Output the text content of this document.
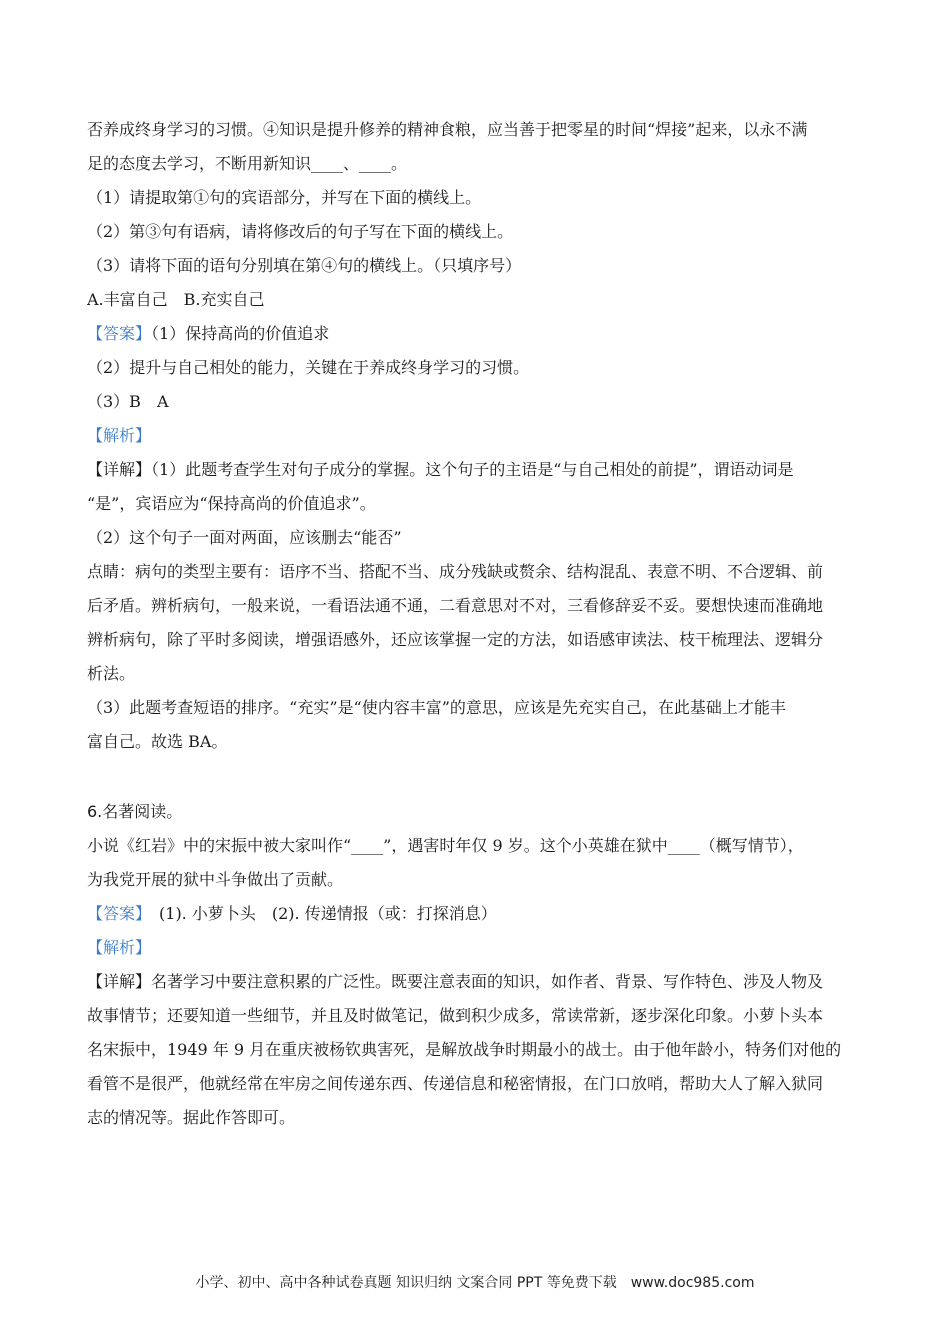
否养成终身学习的习惯。④知识是提升修养的精神食粮，应当善于把零星的时间“焊接”起来，以永不满
足的态度去学习，不断用新知识____、____。
（1）请提取第①句的宾语部分，并写在下面的横线上。
（2）第③句有语病，请将修改后的句子写在下面的横线上。
（3）请将下面的语句分别填在第④句的横线上。（只填序号）
A.丰富自己　B.充实自己
【答案】（1）保持高尚的价值追求
（2）提升与自己相处的能力，关键在于养成终身学习的习惯。
（3）B　A
【解析】
【详解】（1）此题考查学生对句子成分的掌握。这个句子的主语是“与自己相处的前提”，谓语动词是
“是”，宾语应为“保持高尚的价值追求”。
（2）这个句子一面对两面，应该删去“能否”
点睛：病句的类型主要有：语序不当、搭配不当、成分残缺或赘余、结构混乱、表意不明、不合逻辑、前
后矛盾。辨析病句，一般来说，一看语法通不通，二看意思对不对，三看修辞妥不妥。要想快速而准确地
辨析病句，除了平时多阅读，增强语感外，还应该掌握一定的方法，如语感审读法、枝干梳理法、逻辑分
析法。
（3）此题考查短语的排序。“充实”是“使内容丰富”的意思，应该是先充实自己，在此基础上才能丰
富自己。故选 BA。
6.名著阅读。
小说《红岩》中的宋振中被大家叫作“____”，遇害时年仅 9 岁。这个小英雄在狱中____（概写情节），
为我党开展的狱中斗争做出了贡献。
【答案】　(1). 小萝卜头　(2). 传递情报（或：打探消息）
【解析】
【详解】名著学习中要注意积累的广泛性。既要注意表面的知识，如作者、背景、写作特色、涉及人物及
故事情节；还要知道一些细节，并且及时做笔记，做到积少成多，常读常新，逐步深化印象。小萝卜头本
名宋振中，1949 年 9 月在重庆被杨钦典害死，是解放战争时期最小的战士。由于他年龄小，特务们对他的
看管不是很严，他就经常在牢房之间传递东西、传递信息和秘密情报，在门口放哨，帮助大人了解入狱同
志的情况等。据此作答即可。
小学、初中、高中各种试卷真题 知识归纳 文案合同 PPT 等免费下载　www.doc985.com
